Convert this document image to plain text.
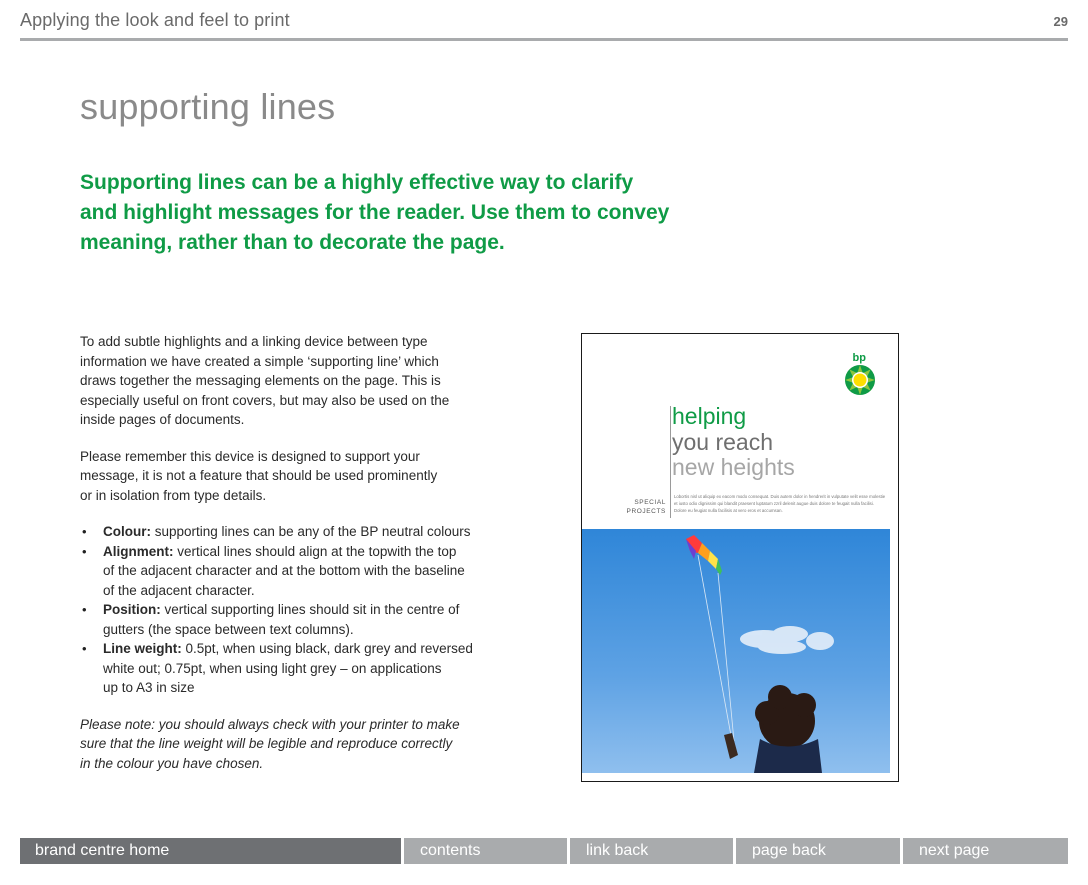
Applying the look and feel to print	29
supporting lines
Supporting lines can be a highly effective way to clarify
and highlight messages for the reader. Use them to convey
meaning, rather than to decorate the page.

To add subtle highlights and a linking device between type
information we have created a simple ‘supporting line’ which
draws together the messaging elements on the page. This is
especially useful on front covers, but may also be used on the
inside pages of documents.

Please remember this device is designed to support your
message, it is not a feature that should be used prominently
or in isolation from type details.

• Colour: supporting lines can be any of the BP neutral colours
• Alignment: vertical lines should align at the topwith the top
of the adjacent character and at the bottom with the baseline
of the adjacent character.
• Position: vertical supporting lines should sit in the centre of
gutters (the space between text columns).
• Line weight: 0.5pt, when using black, dark grey and reversed
white out; 0.75pt, when using light grey – on applications
up to A3 in size

Please note: you should always check with your printer to make
sure that the line weight will be legible and reproduce correctly
in the colour you have chosen.

bp
helping
you reach
new heights
SPECIAL
PROJECTS
Lobortis nisl ut aliquip ex eacom modo consequat. Duis autem dolor in hendrerit in vulputate velit esse molestie et iusto odio dignissim qui blandit praesent luptatum zzril delenit augue duis dolore te feugait nulla facilisi. Dolore eu feugiat nulla facilisis at vero eros et accumsan.
brand centre home	contents	link back	page back	next page
